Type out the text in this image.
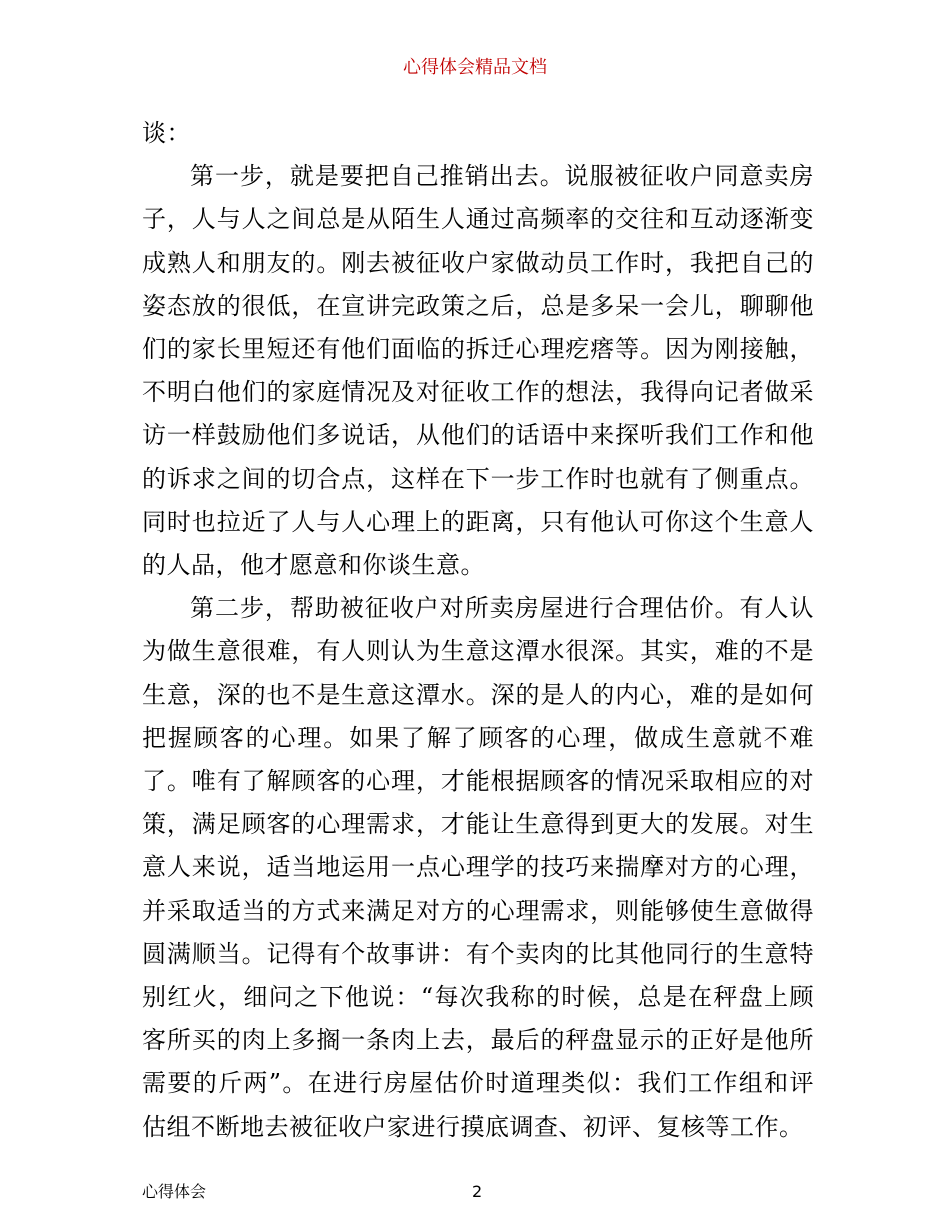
心得体会精品文档

谈：

第一步，就是要把自己推销出去。说服被征收户同意卖房子，人与人之间总是从陌生人通过高频率的交往和互动逐渐变成熟人和朋友的。刚去被征收户家做动员工作时，我把自己的姿态放的很低，在宣讲完政策之后，总是多呆一会儿，聊聊他们的家长里短还有他们面临的拆迁心理疙瘩等。因为刚接触，不明白他们的家庭情况及对征收工作的想法，我得向记者做采访一样鼓励他们多说话，从他们的话语中来探听我们工作和他的诉求之间的切合点，这样在下一步工作时也就有了侧重点。同时也拉近了人与人心理上的距离，只有他认可你这个生意人的人品，他才愿意和你谈生意。

第二步，帮助被征收户对所卖房屋进行合理估价。有人认为做生意很难，有人则认为生意这潭水很深。其实，难的不是生意，深的也不是生意这潭水。深的是人的内心，难的是如何把握顾客的心理。如果了解了顾客的心理，做成生意就不难了。唯有了解顾客的心理，才能根据顾客的情况采取相应的对策，满足顾客的心理需求，才能让生意得到更大的发展。对生意人来说，适当地运用一点心理学的技巧来揣摩对方的心理，并采取适当的方式来满足对方的心理需求，则能够使生意做得圆满顺当。记得有个故事讲：有个卖肉的比其他同行的生意特别红火，细问之下他说：“每次我称的时候，总是在秤盘上顾客所买的肉上多搁一条肉上去，最后的秤盘显示的正好是他所需要的斤两”。在进行房屋估价时道理类似：我们工作组和评估组不断地去被征收户家进行摸底调查、初评、复核等工作。

心得体会	2
